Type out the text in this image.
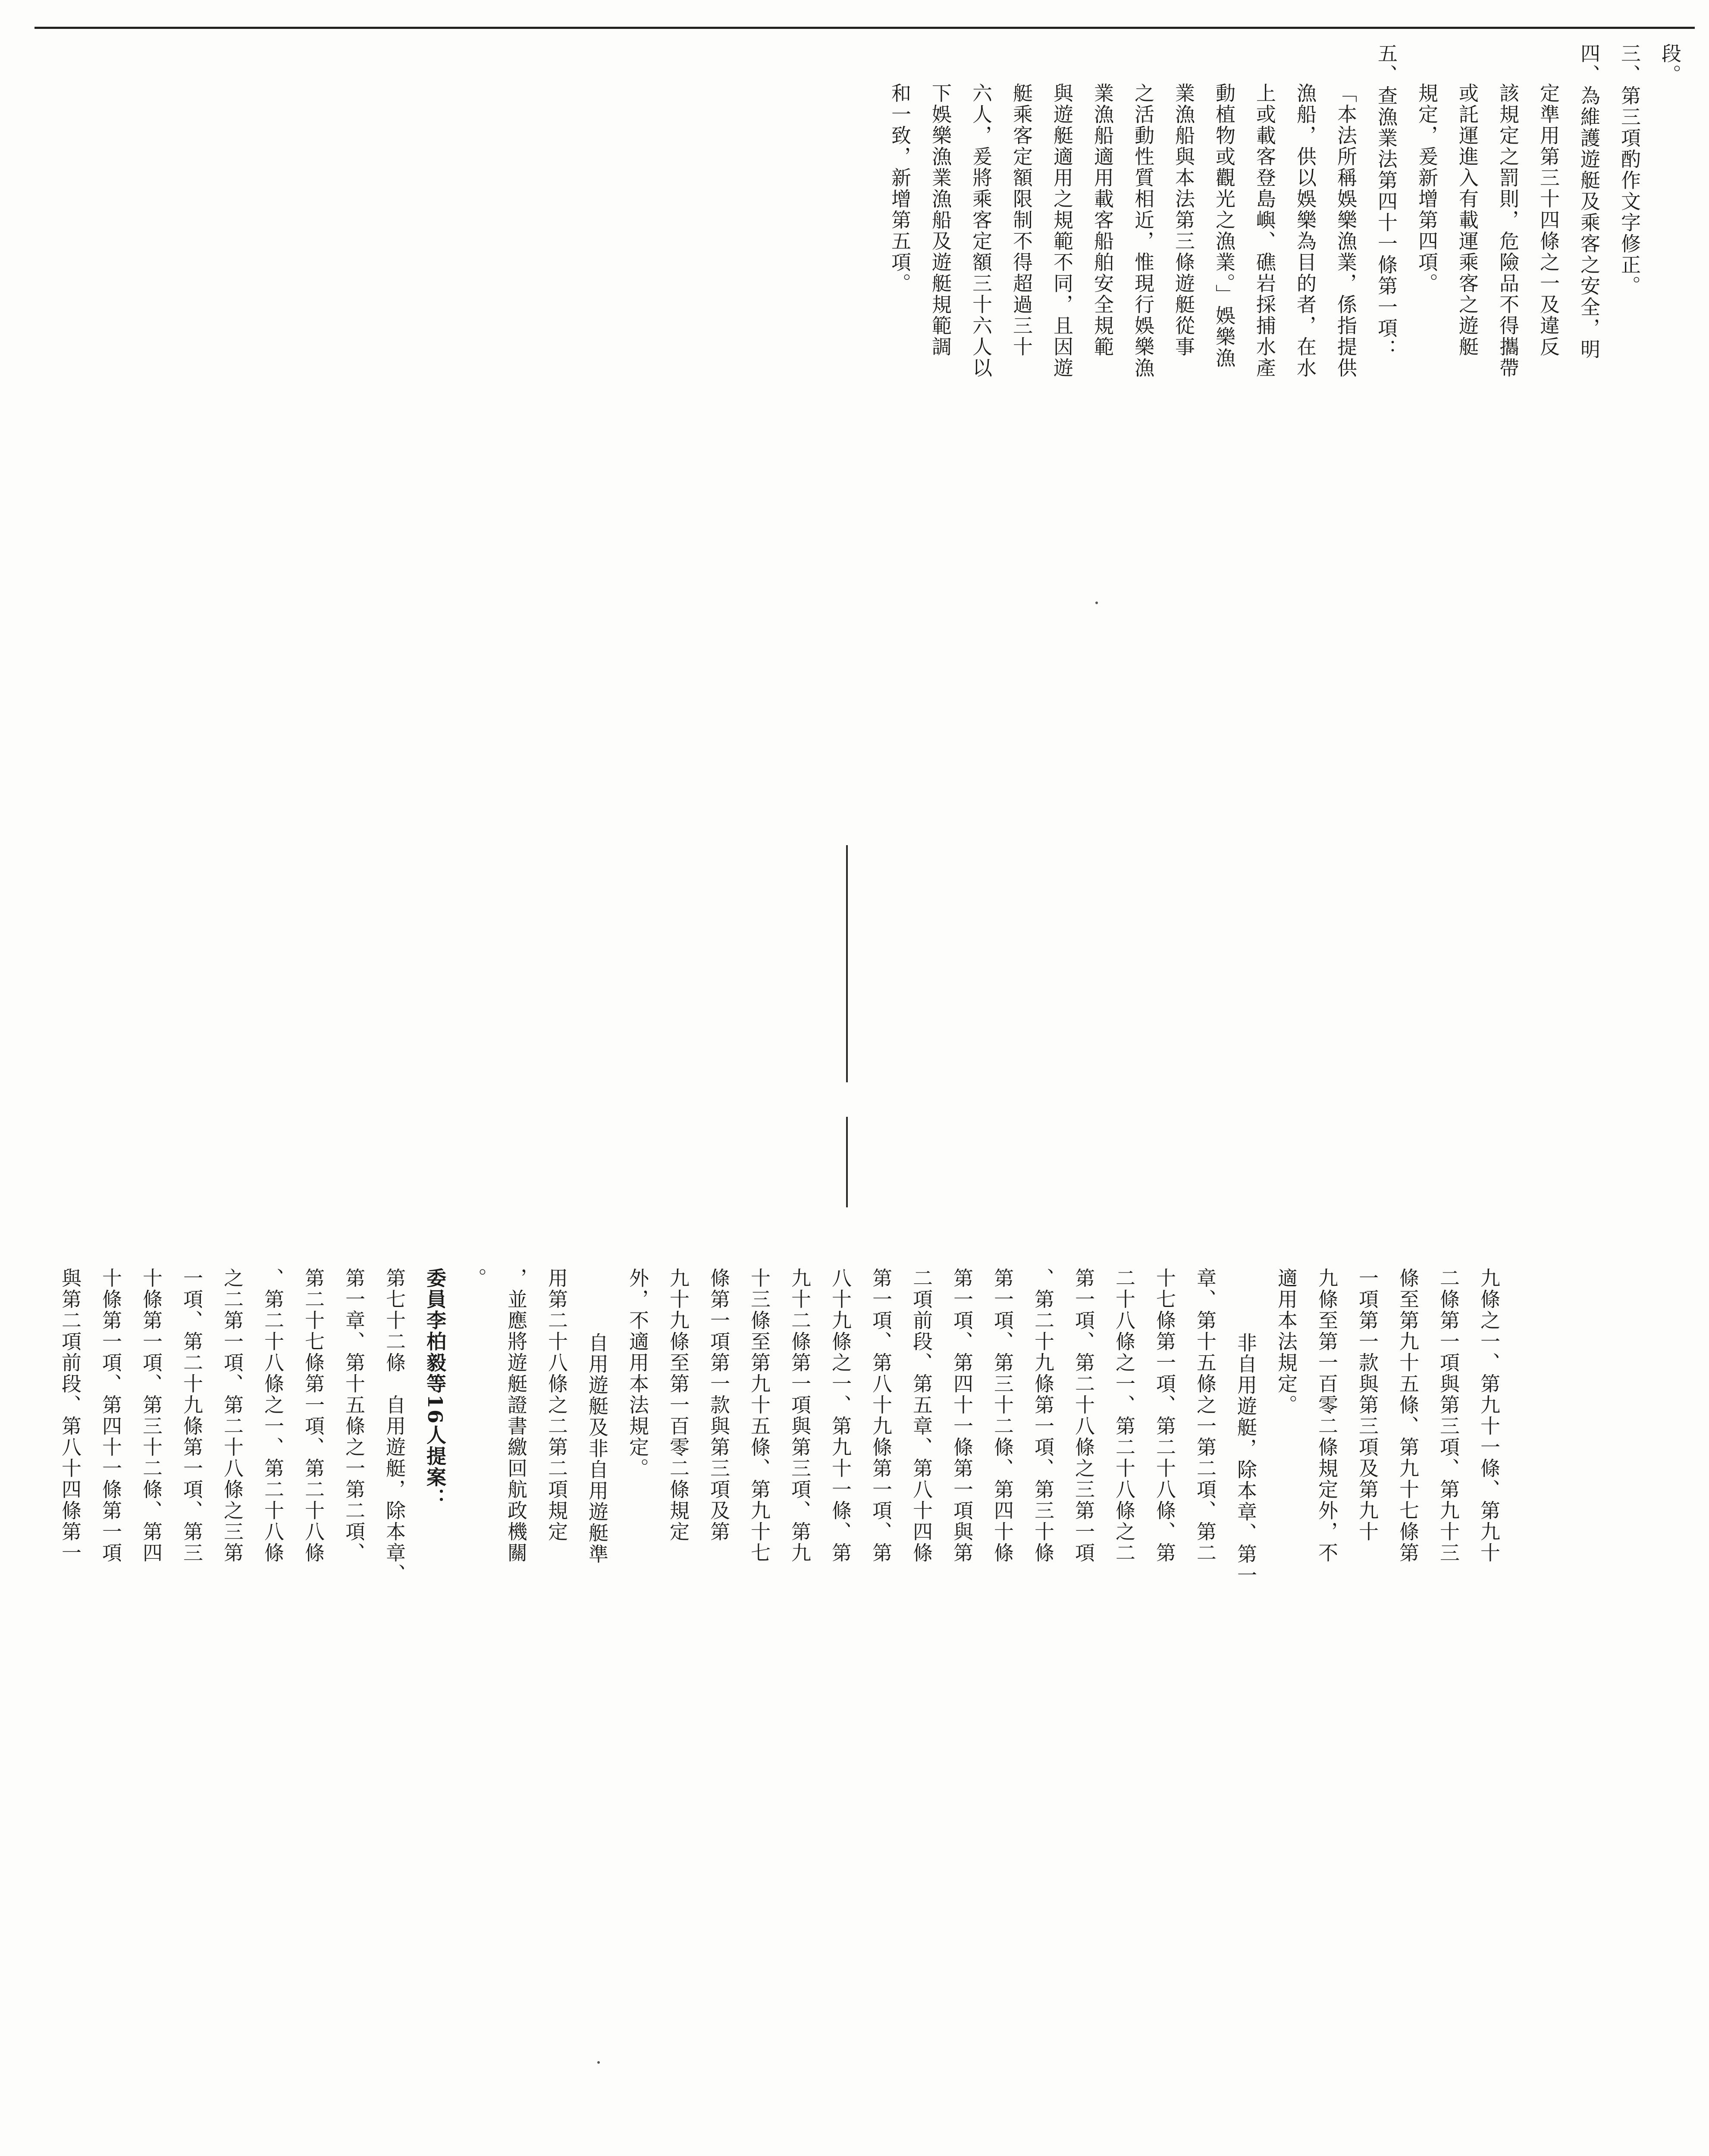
段。
三、第三項酌作文字修正。
四、為維護遊艇及乘客之安全，明
定準用第三十四條之一及違反
該規定之罰則，危險品不得攜帶
或託運進入有載運乘客之遊艇
規定，爰新增第四項。
五、查漁業法第四十一條第一項：
「本法所稱娛樂漁業，係指提供
漁船，供以娛樂為目的者，在水
上或載客登島嶼、礁岩採捕水產
動植物或觀光之漁業。」娛樂漁
業漁船與本法第三條遊艇從事
之活動性質相近，惟現行娛樂漁
業漁船適用載客船舶安全規範
與遊艇適用之規範不同，且因遊
艇乘客定額限制不得超過三十
六人，爰將乘客定額三十六人以
下娛樂漁業漁船及遊艇規範調
和一致，新增第五項。
九條之一、第九十一條、第九十
二條第一項與第三項、第九十三
條至第九十五條、第九十七條第
一項第一款與第三項及第九十
九條至第一百零二條規定外，不
適用本法規定。
非自用遊艇，除本章、第一
章、第十五條之一第二項、第二
十七條第一項、第二十八條、第
二十八條之一、第二十八條之二
第一項、第二十八條之三第一項
、第二十九條第一項、第三十條
第一項、第三十二條、第四十條
第一項、第四十一條第一項與第
二項前段、第五章、第八十四條
第一項、第八十九條第一項、第
八十九條之一、第九十一條、第
九十二條第一項與第三項、第九
十三條至第九十五條、第九十七
條第一項第一款與第三項及第
九十九條至第一百零二條規定
外，不適用本法規定。
自用遊艇及非自用遊艇準
用第二十八條之二第二項規定
，並應將遊艇證書繳回航政機關
。
委員李柏毅等16人提案：
第七十二條　自用遊艇，除本章、
第一章、第十五條之一第二項、
第二十七條第一項、第二十八條
、第二十八條之一、第二十八條
之二第一項、第二十八條之三第
一項、第二十九條第一項、第三
十條第一項、第三十二條、第四
十條第一項、第四十一條第一項
與第二項前段、第八十四條第一
